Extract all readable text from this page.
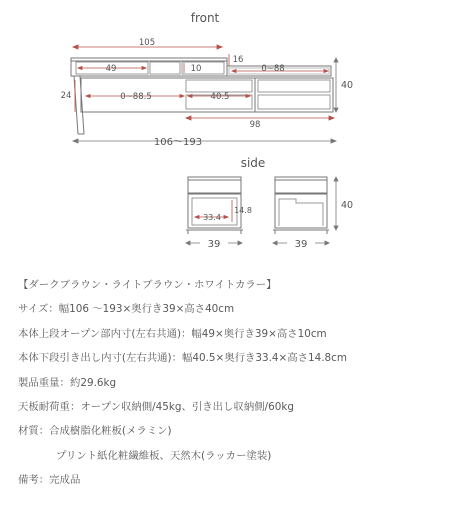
front
105
49	10
16
0~88
24	0~88.5	40.5
40
98
106～193
side
33.4
14.8
39	39
40
【ダークブラウン・ライトブラウン・ホワイトカラー】
サイズ：幅106 ～193×奥行き39×高さ40cm
本体上段オープン部内寸(左右共通)：幅49×奥行き39×高さ10cm
本体下段引き出し内寸(左右共通)：幅40.5×奥行き33.4×高さ14.8cm
製品重量：約29.6kg
天板耐荷重：オープン収納側/45kg、引き出し収納側/60kg
材質：合成樹脂化粧板(メラミン)
プリント紙化粧繊維板、天然木(ラッカー塗装)
備考：完成品
